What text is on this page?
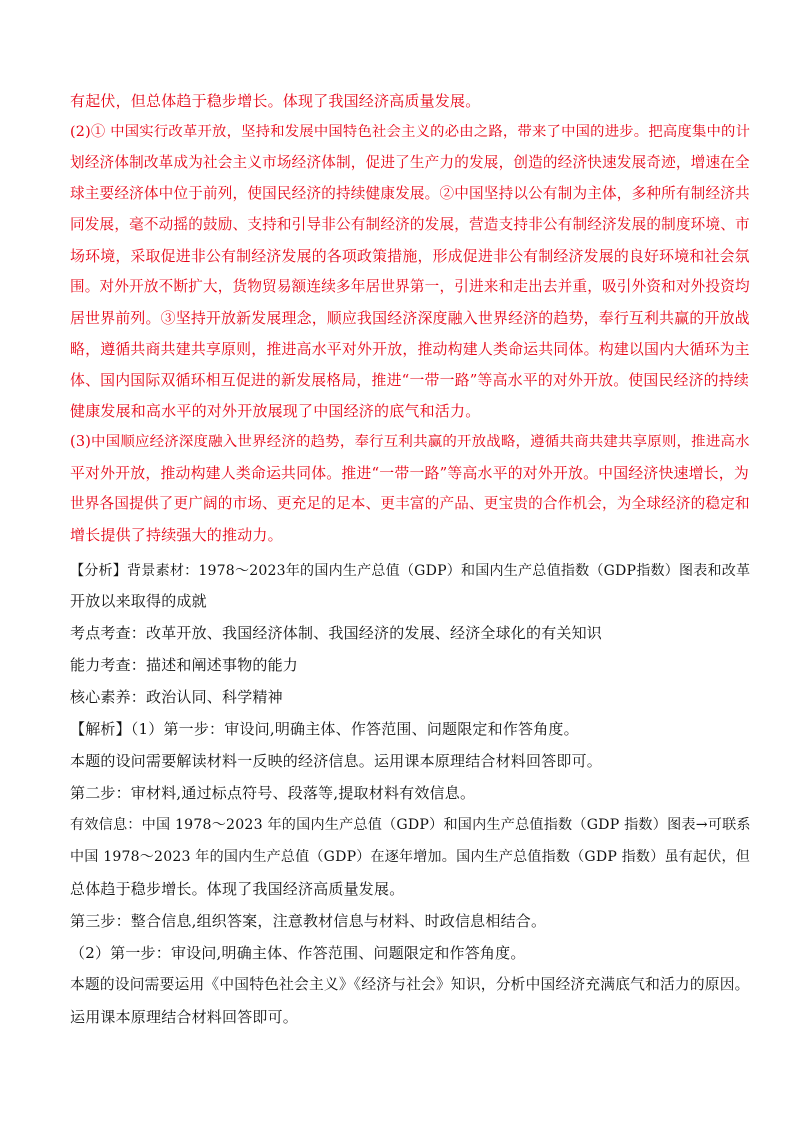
有起伏，但总体趋于稳步增长。体现了我国经济高质量发展。
(2)① 中国实行改革开放，坚持和发展中国特色社会主义的必由之路，带来了中国的进步。把高度集中的计
划经济体制改革成为社会主义市场经济体制，促进了生产力的发展，创造的经济快速发展奇迹，增速在全
球主要经济体中位于前列，使国民经济的持续健康发展。②中国坚持以公有制为主体，多种所有制经济共
同发展，毫不动摇的鼓励、支持和引导非公有制经济的发展，营造支持非公有制经济发展的制度环境、市
场环境，采取促进非公有制经济发展的各项政策措施，形成促进非公有制经济发展的良好环境和社会氛
围。对外开放不断扩大，货物贸易额连续多年居世界第一，引进来和走出去并重，吸引外资和对外投资均
居世界前列。③坚持开放新发展理念，顺应我国经济深度融入世界经济的趋势，奉行互利共赢的开放战
略，遵循共商共建共享原则，推进高水平对外开放，推动构建人类命运共同体。构建以国内大循环为主
体、国内国际双循环相互促进的新发展格局，推进“一带一路”等高水平的对外开放。使国民经济的持续
健康发展和高水平的对外开放展现了中国经济的底气和活力。
(3)中国顺应经济深度融入世界经济的趋势，奉行互利共赢的开放战略，遵循共商共建共享原则，推进高水
平对外开放，推动构建人类命运共同体。推进“一带一路”等高水平的对外开放。中国经济快速增长，为
世界各国提供了更广阔的市场、更充足的足本、更丰富的产品、更宝贵的合作机会，为全球经济的稳定和
增长提供了持续强大的推动力。
【分析】背景素材：1978～2023年的国内生产总值（GDP）和国内生产总值指数（GDP指数）图表和改革
开放以来取得的成就
考点考查：改革开放、我国经济体制、我国经济的发展、经济全球化的有关知识
能力考查：描述和阐述事物的能力
核心素养：政治认同、科学精神
【解析】（1）第一步：审设问,明确主体、作答范围、问题限定和作答角度。
本题的设问需要解读材料一反映的经济信息。运用课本原理结合材料回答即可。
第二步：审材料,通过标点符号、段落等,提取材料有效信息。
有效信息：中国 1978～2023 年的国内生产总值（GDP）和国内生产总值指数（GDP 指数）图表→可联系
中国 1978～2023 年的国内生产总值（GDP）在逐年增加。国内生产总值指数（GDP 指数）虽有起伏，但
总体趋于稳步增长。体现了我国经济高质量发展。
第三步：整合信息,组织答案，注意教材信息与材料、时政信息相结合。
（2）第一步：审设问,明确主体、作答范围、问题限定和作答角度。
本题的设问需要运用《中国特色社会主义》《经济与社会》知识，分析中国经济充满底气和活力的原因。
运用课本原理结合材料回答即可。
